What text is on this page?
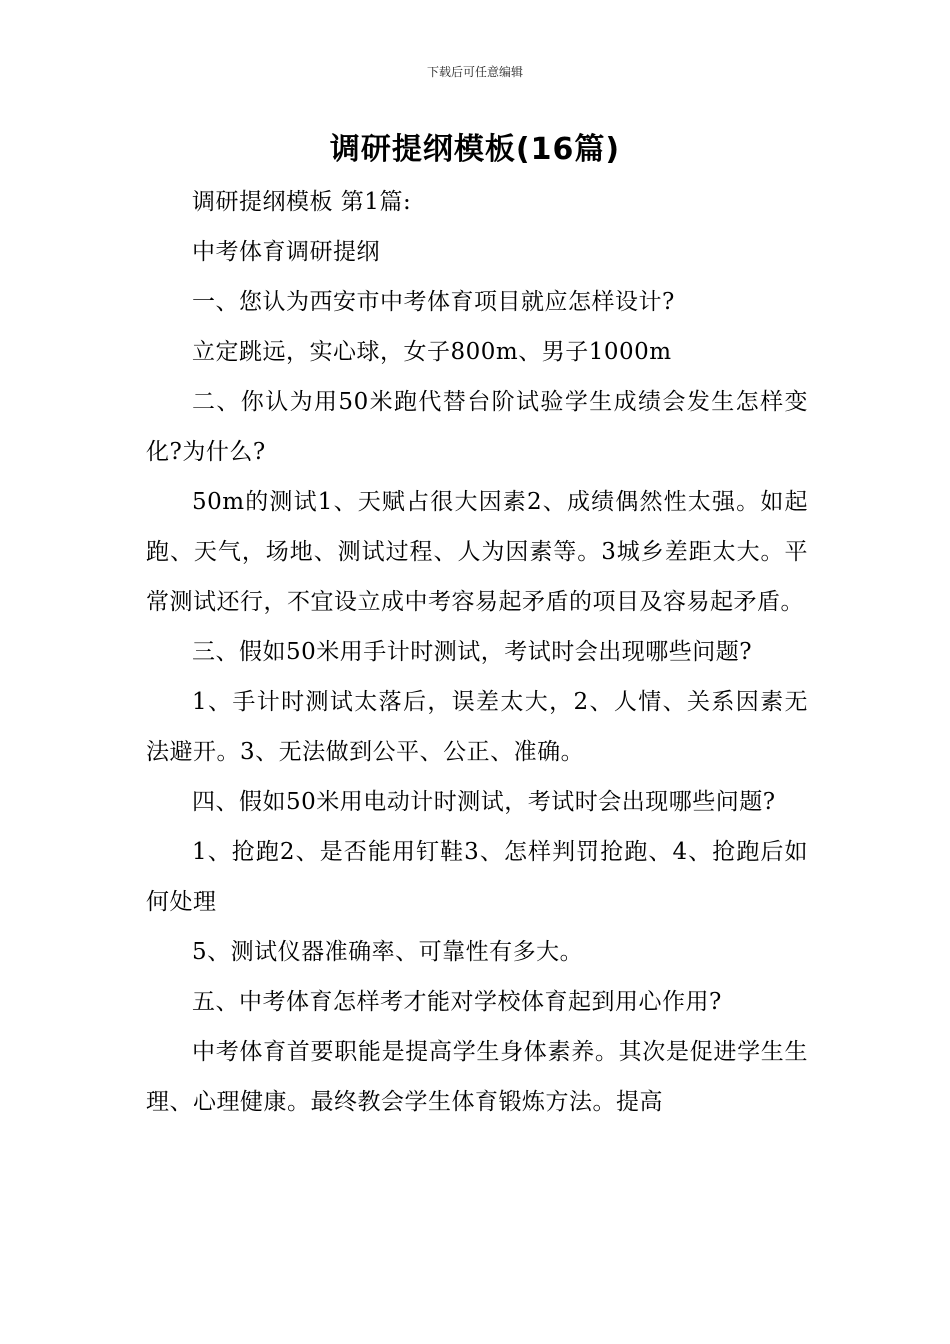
下载后可任意编辑
调研提纲模板(16篇)

调研提纲模板 第1篇:

中考体育调研提纲

一、您认为西安市中考体育项目就应怎样设计?

立定跳远，实心球，女子800m、男子1000m

二、你认为用50米跑代替台阶试验学生成绩会发生怎样变化?为什么?

50m的测试1、天赋占很大因素2、成绩偶然性太强。如起跑、天气，场地、测试过程、人为因素等。3城乡差距太大。平常测试还行，不宜设立成中考容易起矛盾的项目及容易起矛盾。

三、假如50米用手计时测试，考试时会出现哪些问题?

1、手计时测试太落后，误差太大，2、人情、关系因素无法避开。3、无法做到公平、公正、准确。

四、假如50米用电动计时测试，考试时会出现哪些问题?

1、抢跑2、是否能用钉鞋3、怎样判罚抢跑、4、抢跑后如何处理

5、测试仪器准确率、可靠性有多大。

五、中考体育怎样考才能对学校体育起到用心作用?

中考体育首要职能是提高学生身体素养。其次是促进学生生理、心理健康。最终教会学生体育锻炼方法。提高
